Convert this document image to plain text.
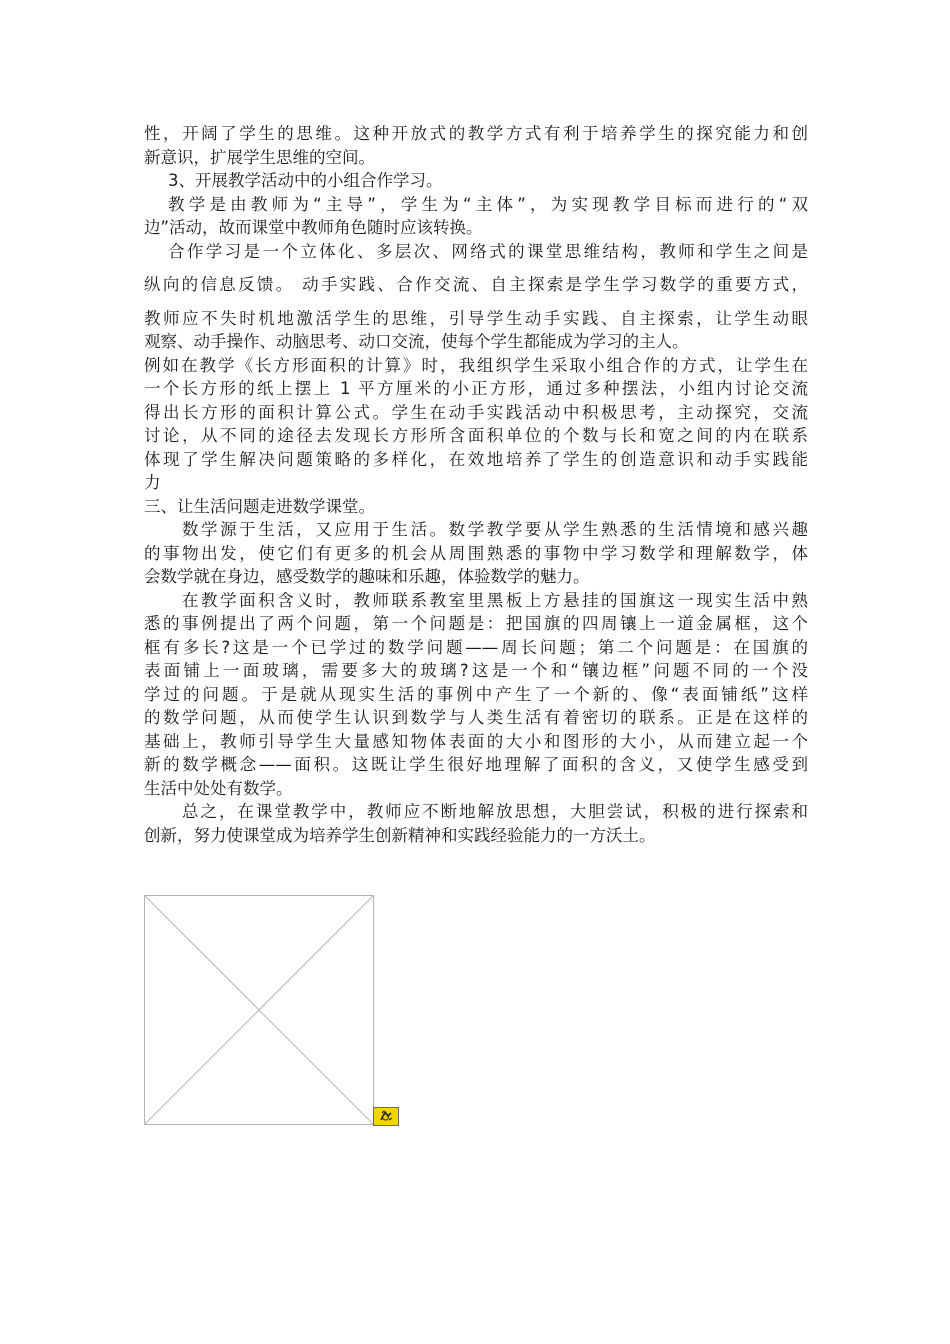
性，开阔了学生的思维。这种开放式的教学方式有利于培养学生的探究能力和创
新意识，扩展学生思维的空间。
3、开展教学活动中的小组合作学习。
教学是由教师为“主导”，学生为“主体”，为实现教学目标而进行的“双
边”活动，故而课堂中教师角色随时应该转换。
合作学习是一个立体化、多层次、网络式的课堂思维结构，教师和学生之间是
纵向的信息反馈。 动手实践、合作交流、自主探索是学生学习数学的重要方式，
教师应不失时机地激活学生的思维，引导学生动手实践、自主探索，让学生动眼
观察、动手操作、动脑思考、动口交流，使每个学生都能成为学习的主人。
例如在教学《长方形面积的计算》时，我组织学生采取小组合作的方式，让学生在
一个长方形的纸上摆上 1 平方厘米的小正方形，通过多种摆法，小组内讨论交流
得出长方形的面积计算公式。学生在动手实践活动中积极思考，主动探究，交流
讨论，从不同的途径去发现长方形所含面积单位的个数与长和宽之间的内在联系
体现了学生解决问题策略的多样化，在效地培养了学生的创造意识和动手实践能
力
三、让生活问题走进数学课堂。
数学源于生活，又应用于生活。数学教学要从学生熟悉的生活情境和感兴趣
的事物出发，使它们有更多的机会从周围熟悉的事物中学习数学和理解数学，体
会数学就在身边，感受数学的趣味和乐趣，体验数学的魅力。
在教学面积含义时，教师联系教室里黑板上方悬挂的国旗这一现实生活中熟
悉的事例提出了两个问题，第一个问题是：把国旗的四周镶上一道金属框，这个
框有多长?这是一个已学过的数学问题——周长问题；第二个问题是：在国旗的
表面铺上一面玻璃，需要多大的玻璃?这是一个和“镶边框”问题不同的一个没
学过的问题。于是就从现实生活的事例中产生了一个新的、像“表面铺纸”这样
的数学问题，从而使学生认识到数学与人类生活有着密切的联系。正是在这样的
基础上，教师引导学生大量感知物体表面的大小和图形的大小，从而建立起一个
新的数学概念——面积。这既让学生很好地理解了面积的含义，又使学生感受到
生活中处处有数学。
总之，在课堂教学中，教师应不断地解放思想，大胆尝试，积极的进行探索和
创新，努力使课堂成为培养学生创新精神和实践经验能力的一方沃土。
